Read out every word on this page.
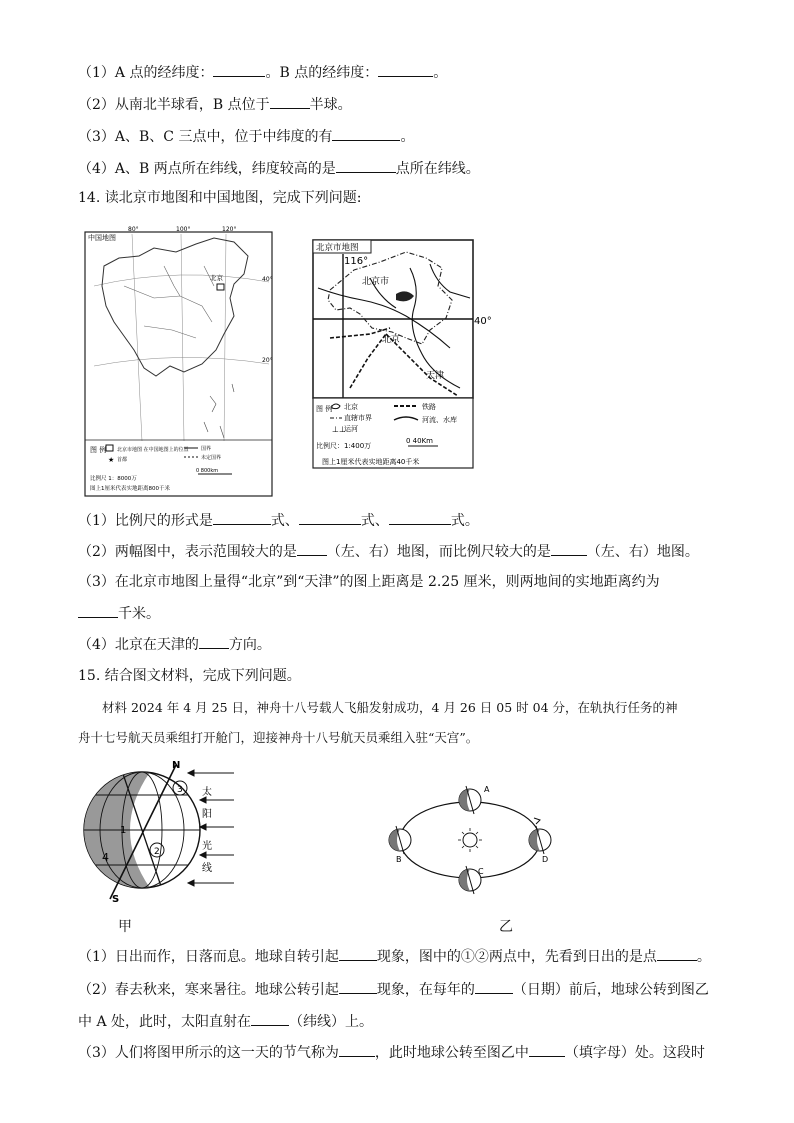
（1）A 点的经纬度：	。B 点的经纬度：	。
（2）从南北半球看，B 点位于	半球。
（3）A、B、C 三点中，位于中纬度的有	。
（4）A、B 两点所在纬线，纬度较高的是	点所在纬线。
14. 读北京市地图和中国地图，完成下列问题:
中国地图
80°	100°	120°
40°
20°
北京
图 例 北京市地图 在中国地图上的位置
★ 首都
国界
未定国界
0 800km
比例尺 1：8000万
图上1厘米代表实地距离800千米
北京市地图
116°
40°
北京市
北京
天津
图 例 北京
直辖市界
⊥⊥
运河
铁路
河流、水库
比例尺：1:400万
0 40Km
图上1厘米代表实地距离40千米
（1）比例尺的形式是	式、	式、	式。
（2）两幅图中，表示范围较大的是 （左、右）地图，而比例尺较大的是	（左、右）地图。
（3）在北京市地图上量得“北京”到“天津”的图上距离是 2.25 厘米，则两地间的实地距离约为
千米。
（4）北京在天津的 方向。
15. 结合图文材料，完成下列问题。
材料 2024 年 4 月 25 日，神舟十八号载人飞船发射成功，4 月 26 日 05 时 04 分，在轨执行任务的神
舟十七号航天员乘组打开舱门，迎接神舟十八号航天员乘组入驻“天宫”。
N
S
3
1
2
4
太
阳
光
线
甲
A
B
C
D
乙
（1）日出而作，日落而息。地球自转引起	现象，图中的①②两点中，先看到日出的是点	。
（2）春去秋来，寒来暑往。地球公转引起	现象，在每年的	（日期）前后，地球公转到图乙
中 A 处，此时，太阳直射在	（纬线）上。
（3）人们将图甲所示的这一天的节气称为	，此时地球公转至图乙中	（填字母）处。这段时
